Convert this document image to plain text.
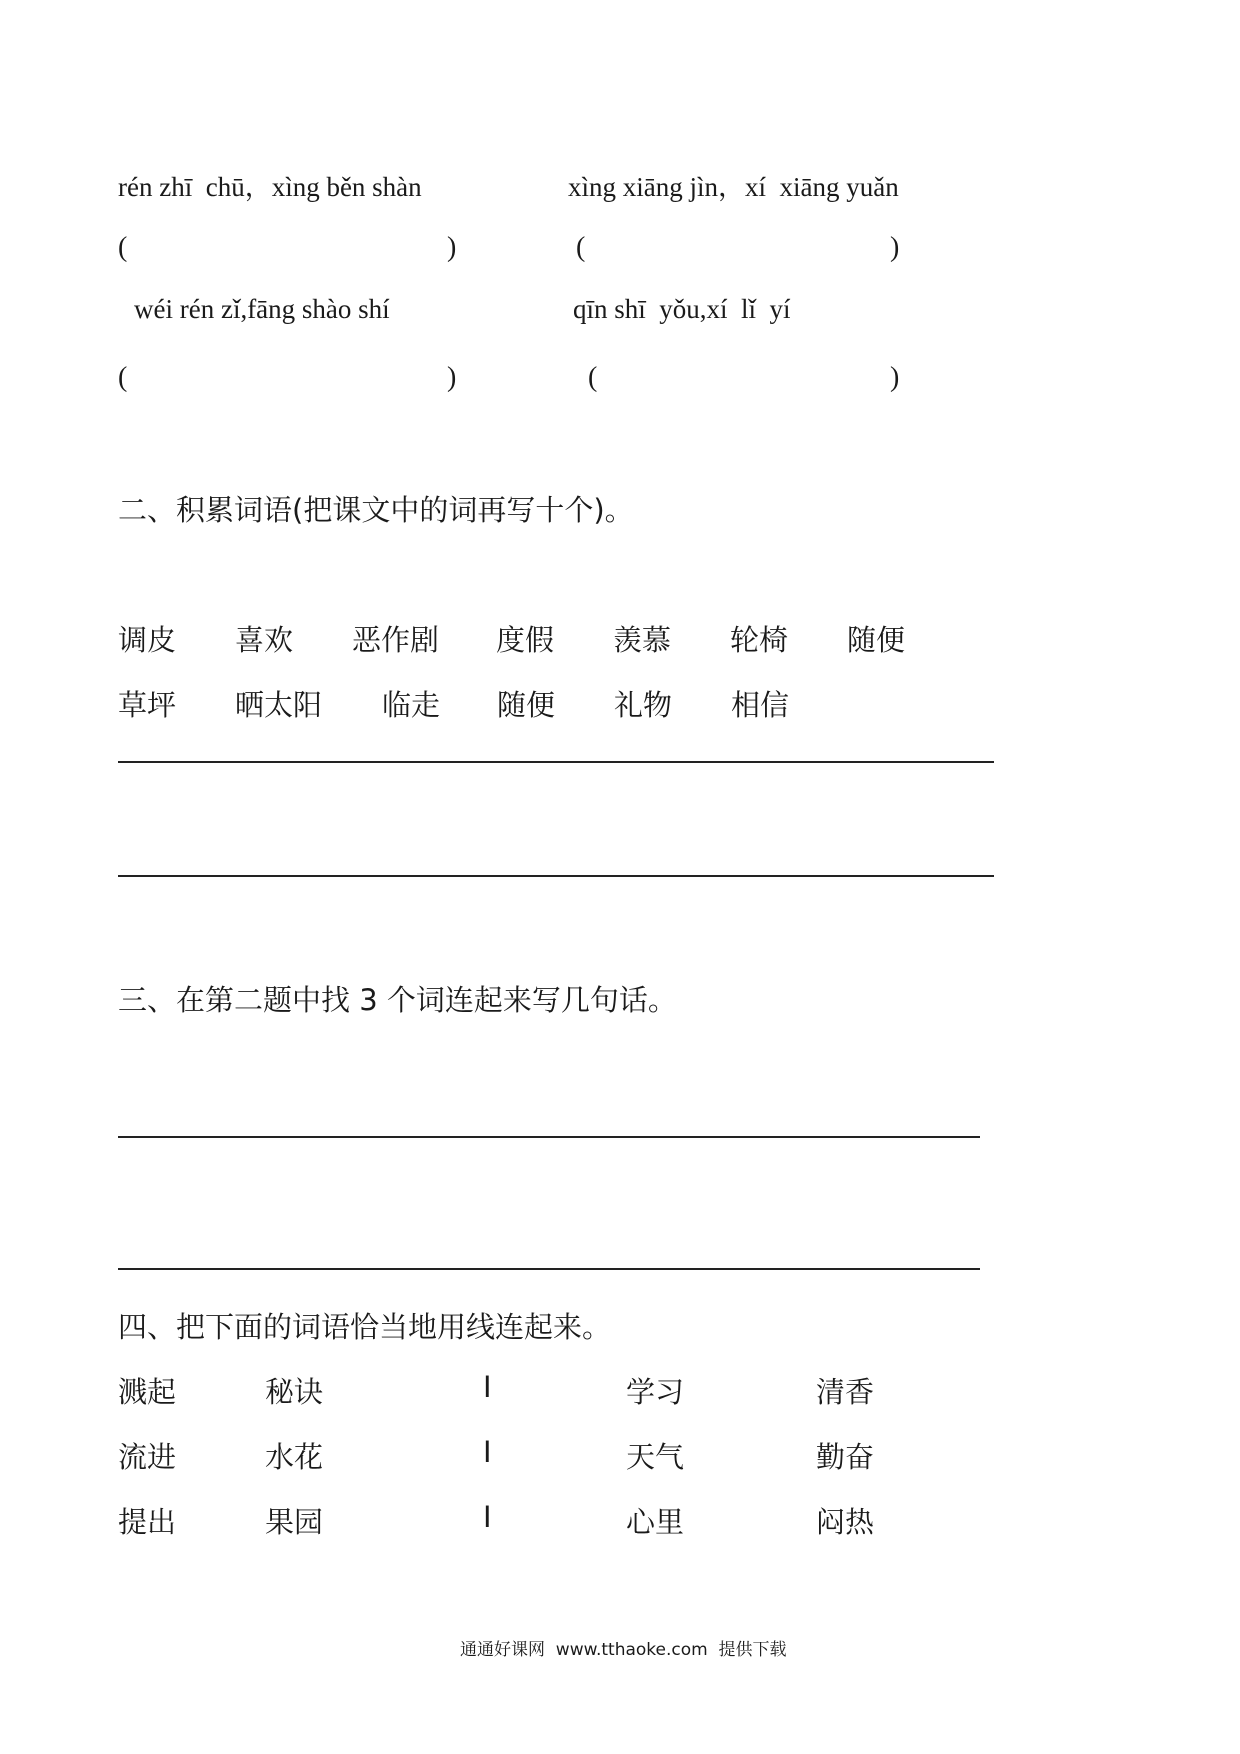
rén zhī  chū，xìng běn shàn	xìng xiāng jìn，xí  xiāng yuǎn
(	)	(	)
wéi rén zǐ,fāng shào shí	qīn shī  yǒu,xí  lǐ  yí
(	)	(	)
二、积累词语(把课文中的词再写十个)。
调皮 喜欢 恶作剧 度假 羡慕 轮椅 随便
草坪 晒太阳 临走 随便 礼物 相信
三、在第二题中找 3 个词连起来写几句话。
四、把下面的词语恰当地用线连起来。
溅起	秘诀	I	学习	清香
流进	水花	I	天气	勤奋
提出	果园	I	心里	闷热
通通好课网  www.tthaoke.com  提供下载
